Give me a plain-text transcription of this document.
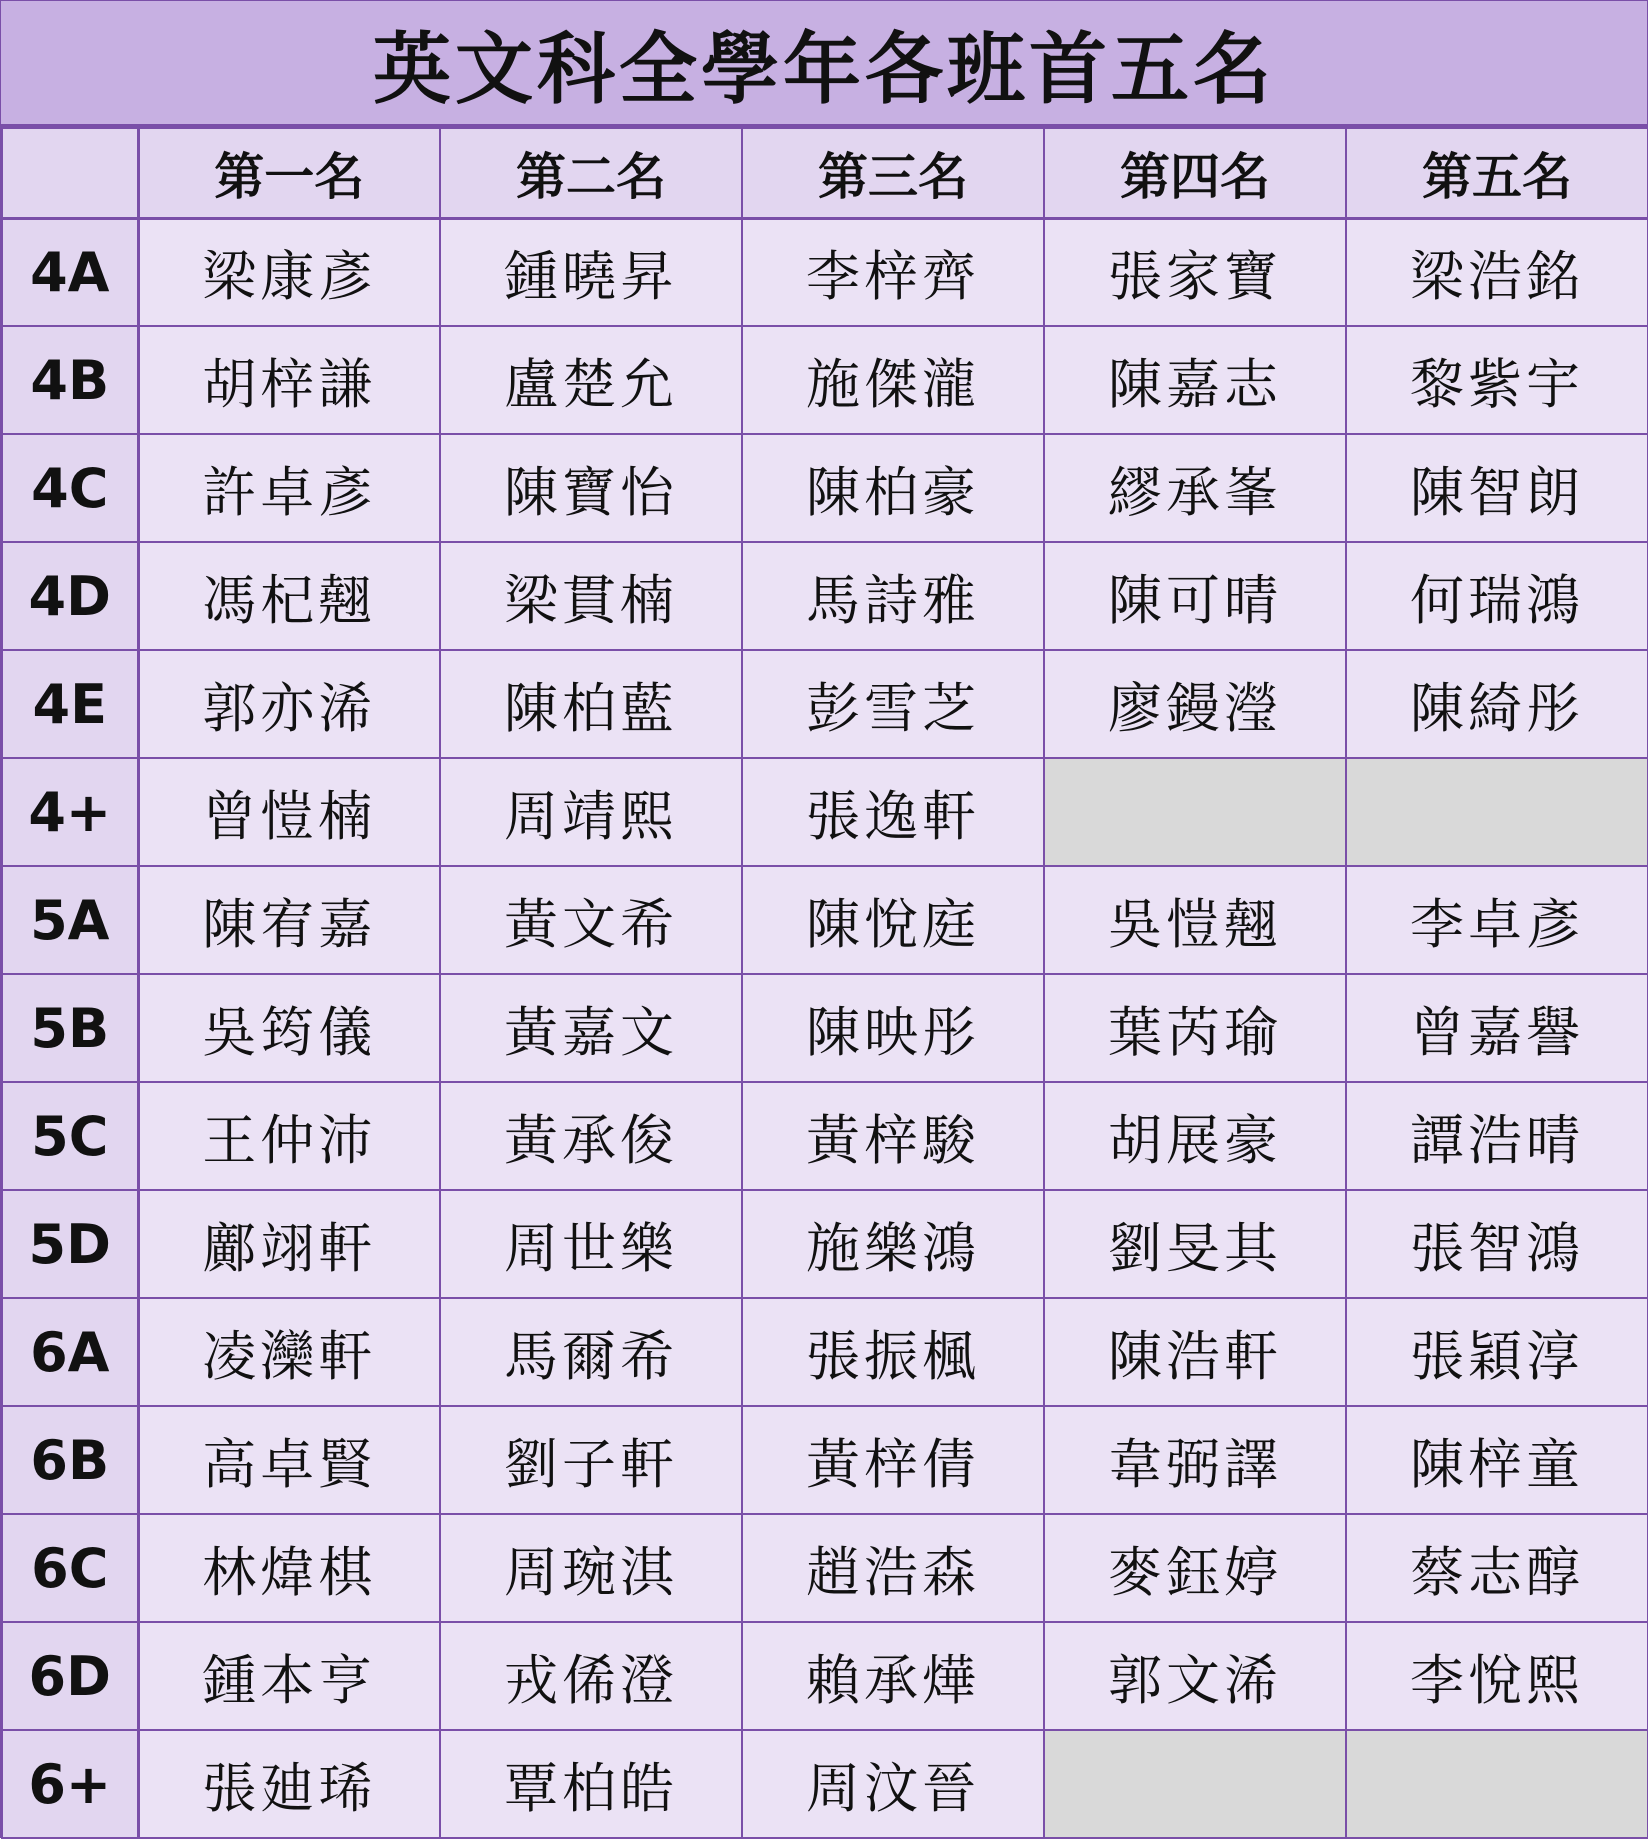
英文科全學年各班首五名
	第一名	第二名	第三名	第四名	第五名
4A	梁康彥	鍾曉昇	李梓齊	張家寶	梁浩銘
4B	胡梓謙	盧楚允	施傑瀧	陳嘉志	黎紫宇
4C	許卓彥	陳寶怡	陳柏豪	繆承峯	陳智朗
4D	馮杞翹	梁貫楠	馬詩雅	陳可晴	何瑞鴻
4E	郭亦浠	陳柏藍	彭雪芝	廖鏝瀅	陳綺彤
4+	曾愷楠	周靖熙	張逸軒		
5A	陳宥嘉	黃文希	陳悅庭	吳愷翹	李卓彥
5B	吳筠儀	黃嘉文	陳映彤	葉芮瑜	曾嘉譽
5C	王仲沛	黃承俊	黃梓駿	胡展豪	譚浩晴
5D	鄺翊軒	周世樂	施樂鴻	劉旻其	張智鴻
6A	凌灤軒	馬爾希	張振楓	陳浩軒	張穎淳
6B	高卓賢	劉子軒	黃梓倩	韋弼譯	陳梓童
6C	林煒棋	周琬淇	趙浩森	麥鈺婷	蔡志醇
6D	鍾本亨	戎俙澄	賴承燁	郭文浠	李悅熙
6+	張廸琋	覃柏皓	周汶晉		
